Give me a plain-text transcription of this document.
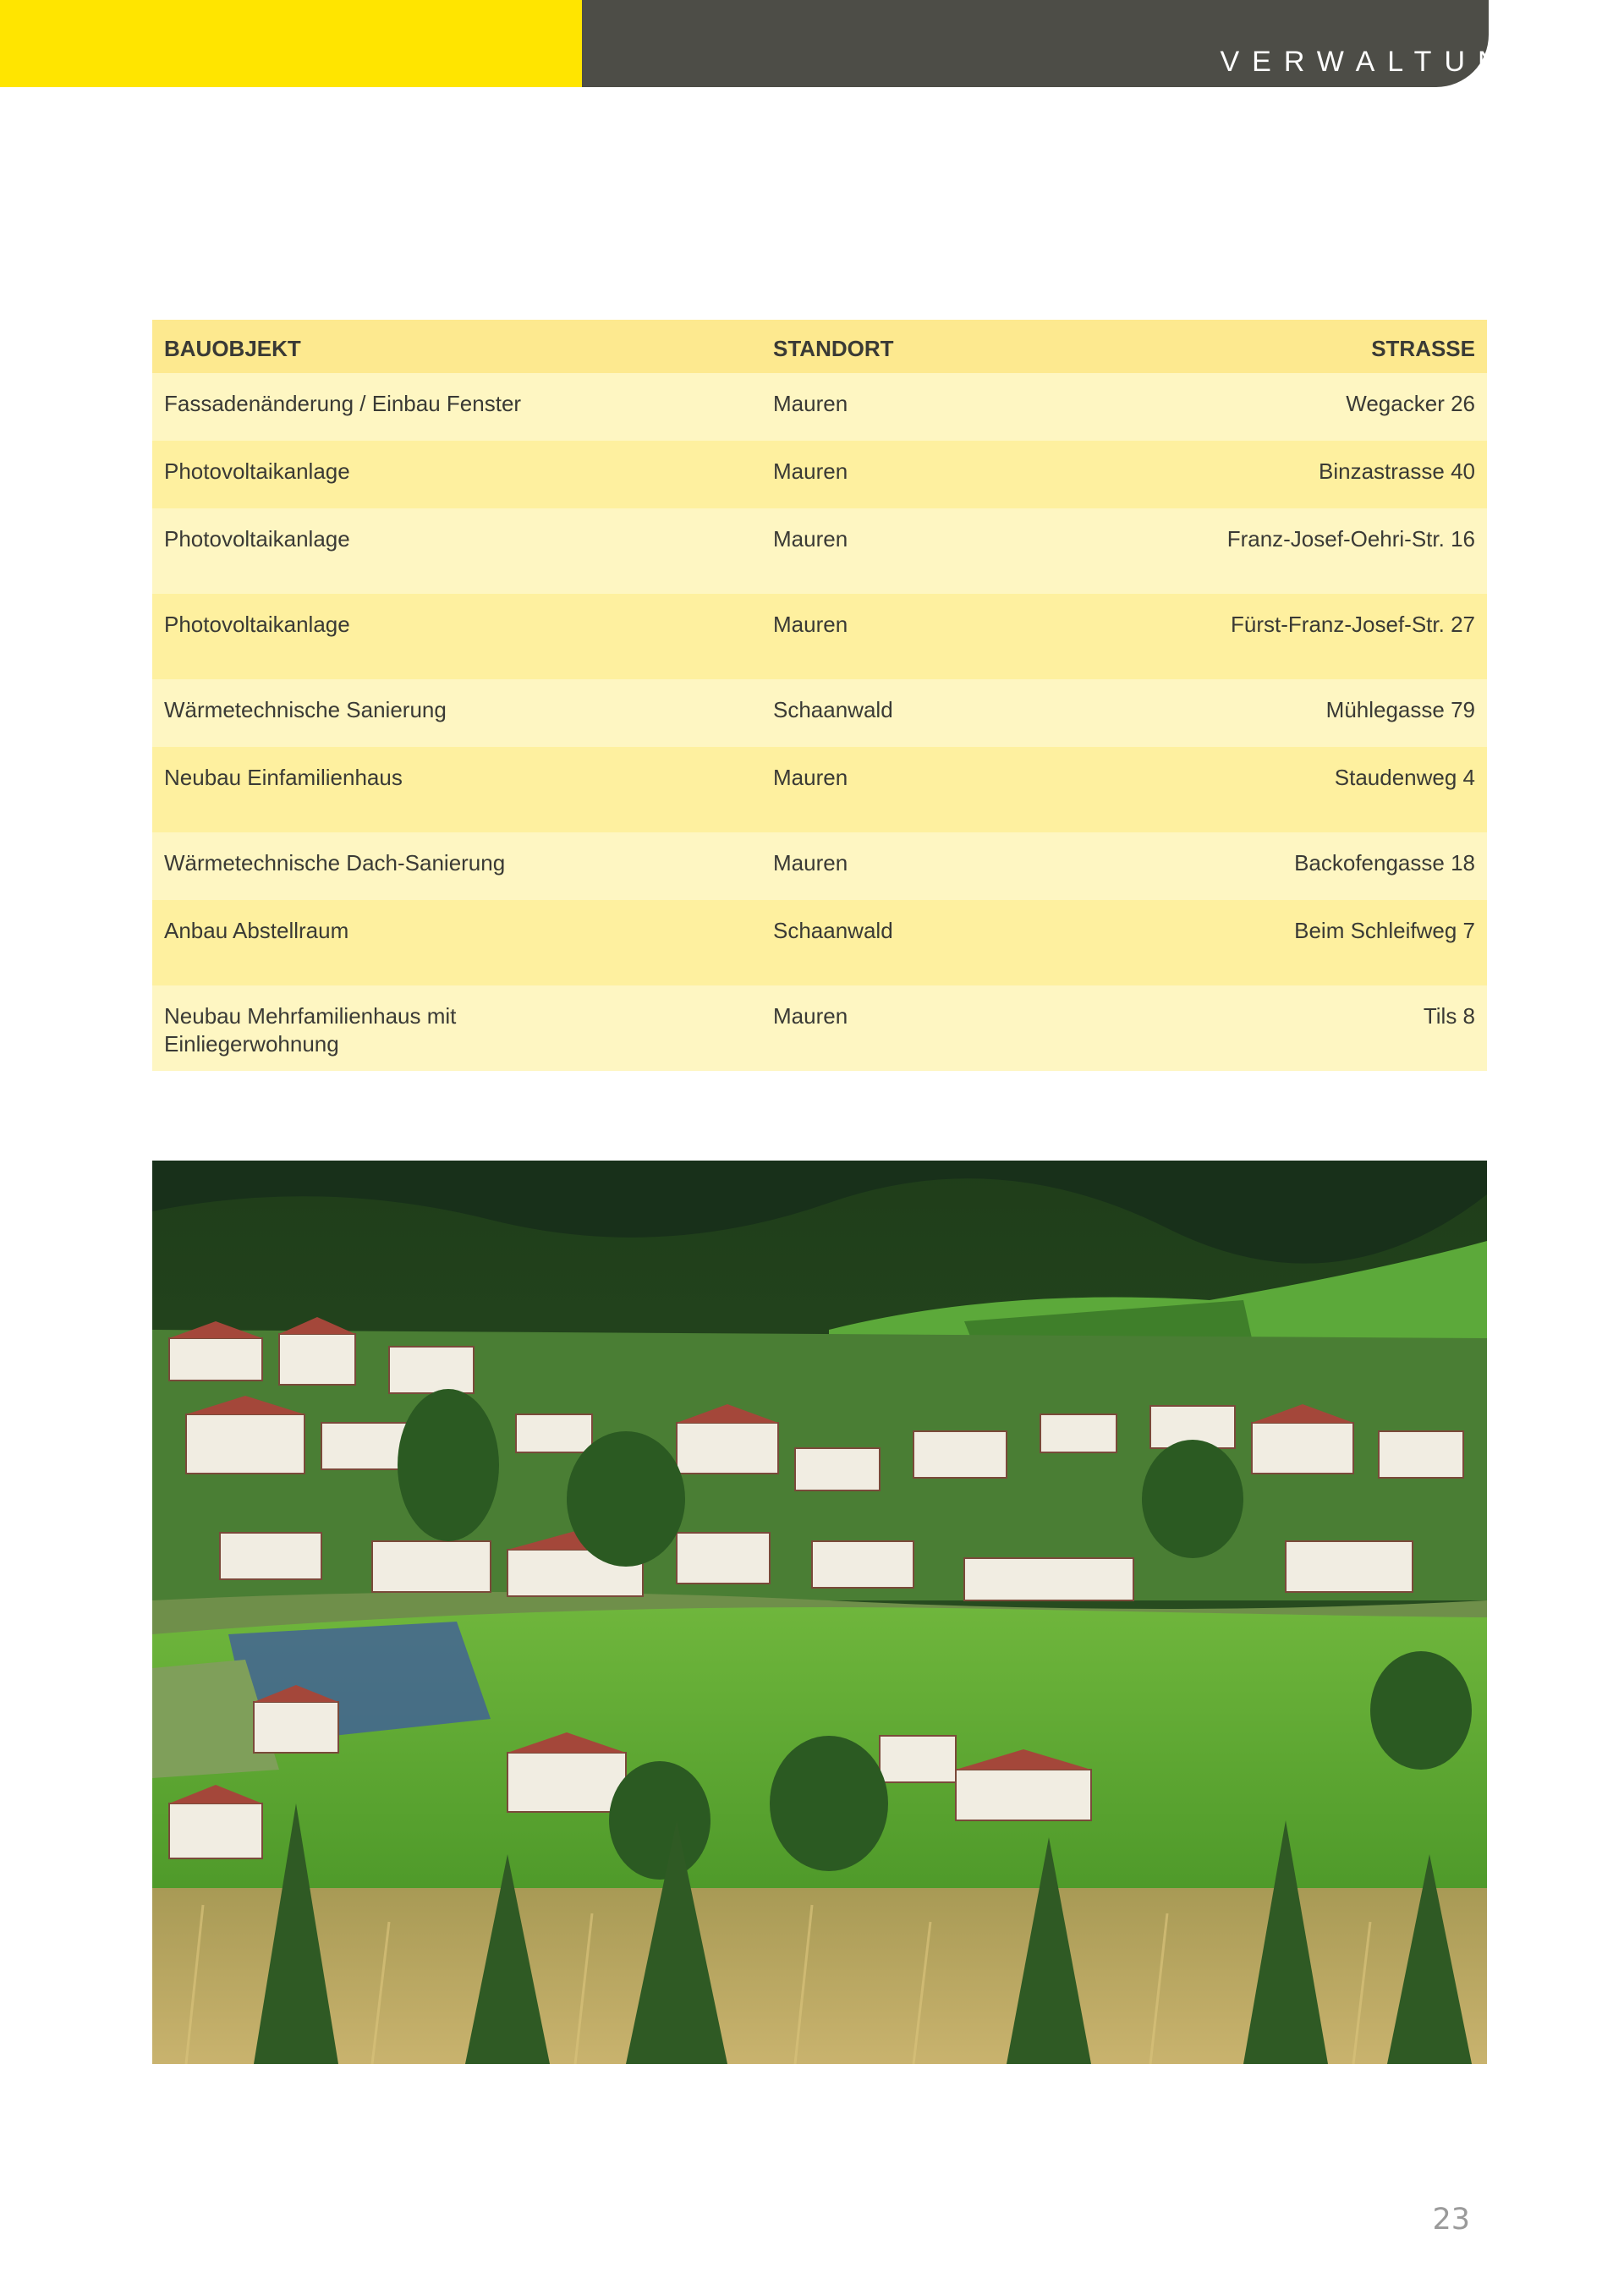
VERWALTUNG
BAUOBJEKT	STANDORT	STRASSE
Fassadenänderung / Einbau Fenster	Mauren	Wegacker 26
Photovoltaikanlage	Mauren	Binzastrasse 40
Photovoltaikanlage	Mauren	Franz-Josef-Oehri-Str. 16
Photovoltaikanlage	Mauren	Fürst-Franz-Josef-Str. 27
Wärmetechnische Sanierung	Schaanwald	Mühlegasse 79
Neubau Einfamilienhaus	Mauren	Staudenweg 4
Wärmetechnische Dach-Sanierung	Mauren	Backofengasse 18
Anbau Abstellraum	Schaanwald	Beim Schleifweg 7
Neubau Mehrfamilienhaus mit Einliegerwohnung	Mauren	Tils 8
23
